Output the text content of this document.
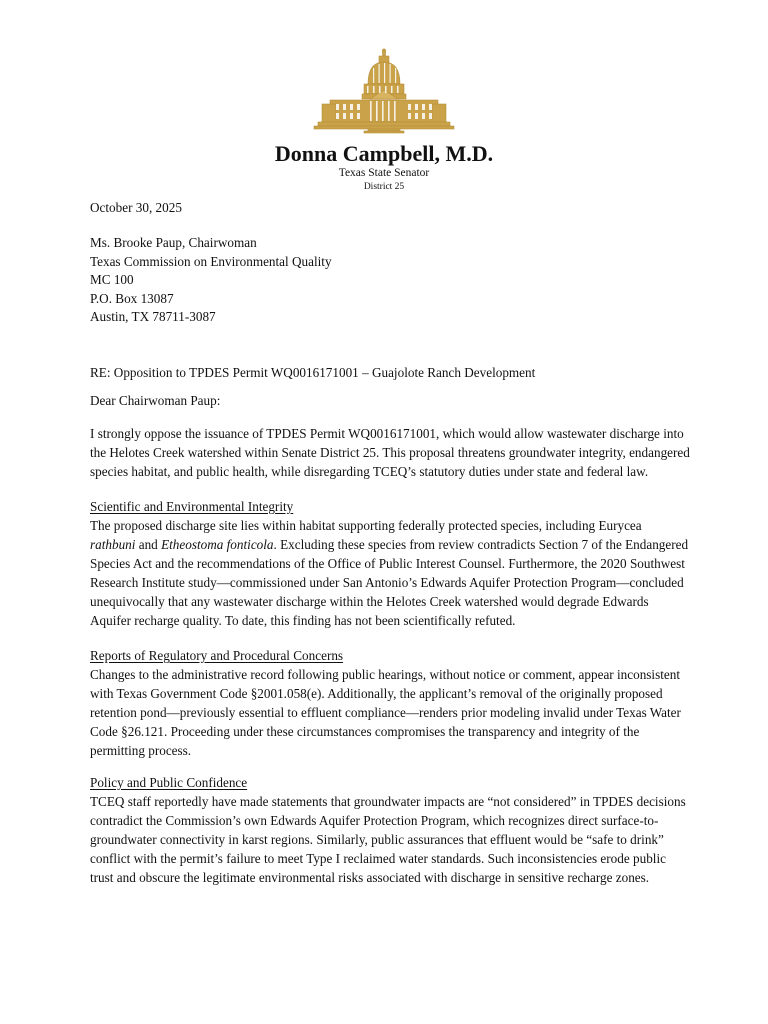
Donna Campbell, M.D.
Texas State Senator
District 25

October 30, 2025

Ms. Brooke Paup, Chairwoman
Texas Commission on Environmental Quality
MC 100
P.O. Box 13087
Austin, TX 78711-3087

RE: Opposition to TPDES Permit WQ0016171001 – Guajolote Ranch Development

Dear Chairwoman Paup:

I strongly oppose the issuance of TPDES Permit WQ0016171001, which would allow wastewater discharge into the Helotes Creek watershed within Senate District 25. This proposal threatens groundwater integrity, endangered species habitat, and public health, while disregarding TCEQ’s statutory duties under state and federal law.

Scientific and Environmental Integrity

The proposed discharge site lies within habitat supporting federally protected species, including Eurycea rathbuni and Etheostoma fonticola. Excluding these species from review contradicts Section 7 of the Endangered Species Act and the recommendations of the Office of Public Interest Counsel. Furthermore, the 2020 Southwest Research Institute study—commissioned under San Antonio’s Edwards Aquifer Protection Program—concluded unequivocally that any wastewater discharge within the Helotes Creek watershed would degrade Edwards Aquifer recharge quality. To date, this finding has not been scientifically refuted.

Reports of Regulatory and Procedural Concerns

Changes to the administrative record following public hearings, without notice or comment, appear inconsistent with Texas Government Code §2001.058(e). Additionally, the applicant’s removal of the originally proposed retention pond—previously essential to effluent compliance—renders prior modeling invalid under Texas Water Code §26.121. Proceeding under these circumstances compromises the transparency and integrity of the permitting process.

Policy and Public Confidence

TCEQ staff reportedly have made statements that groundwater impacts are “not considered” in TPDES decisions contradict the Commission’s own Edwards Aquifer Protection Program, which recognizes direct surface-to-groundwater connectivity in karst regions. Similarly, public assurances that effluent would be “safe to drink” conflict with the permit’s failure to meet Type I reclaimed water standards. Such inconsistencies erode public trust and obscure the legitimate environmental risks associated with discharge in sensitive recharge zones.
